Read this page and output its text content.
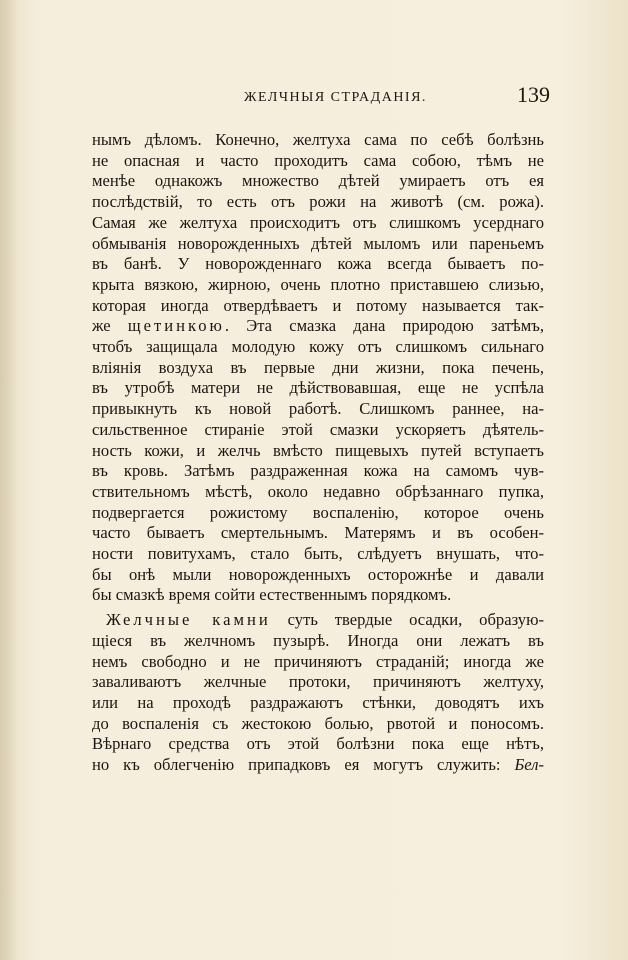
ЖЕЛЧНЫЯ СТРАДАНІЯ.	139
нымъ дѣломъ. Конечно, желтуха сама по себѣ болѣзнь
не опасная и часто проходитъ сама собою, тѣмъ не
менѣе однакожъ множество дѣтей умираетъ отъ ея
послѣдствій, то есть отъ рожи на животѣ (см. рожа).
Самая же желтуха происходитъ отъ слишкомъ усерднаго
обмыванія новорожденныхъ дѣтей мыломъ или пареньемъ
въ банѣ. У новорожденнаго кожа всегда бываетъ по-
крыта вязкою, жирною, очень плотно приставшею слизью,
которая иногда отвердѣваетъ и потому называется так-
же щетинкою. Эта смазка дана природою затѣмъ,
чтобъ защищала молодую кожу отъ слишкомъ сильнаго
вліянія воздуха въ первые дни жизни, пока печень,
въ утробѣ матери не дѣйствовавшая, еще не успѣла
привыкнуть къ новой работѣ. Слишкомъ раннее, на-
сильственное стираніе этой смазки ускоряетъ дѣятель-
ность кожи, и желчь вмѣсто пищевыхъ путей вступаетъ
въ кровь. Затѣмъ раздраженная кожа на самомъ чув-
ствительномъ мѣстѣ, около недавно обрѣзаннаго пупка,
подвергается рожистому воспаленію, которое очень
часто бываетъ смертельнымъ. Матерямъ и въ особен-
ности повитухамъ, стало быть, слѣдуетъ внушать, что-
бы онѣ мыли новорожденныхъ осторожнѣе и давали
бы смазкѣ время сойти естественнымъ порядкомъ.
Желчные камни суть твердые осадки, образую-
щіеся въ желчномъ пузырѣ. Иногда они лежатъ въ
немъ свободно и не причиняютъ страданій; иногда же
заваливаютъ желчные протоки, причиняютъ желтуху,
или на проходѣ раздражаютъ стѣнки, доводятъ ихъ
до воспаленія съ жестокою болью, рвотой и поносомъ.
Вѣрнаго средства отъ этой болѣзни пока еще нѣтъ,
но къ облегченію припадковъ ея могутъ служить: Бел-
